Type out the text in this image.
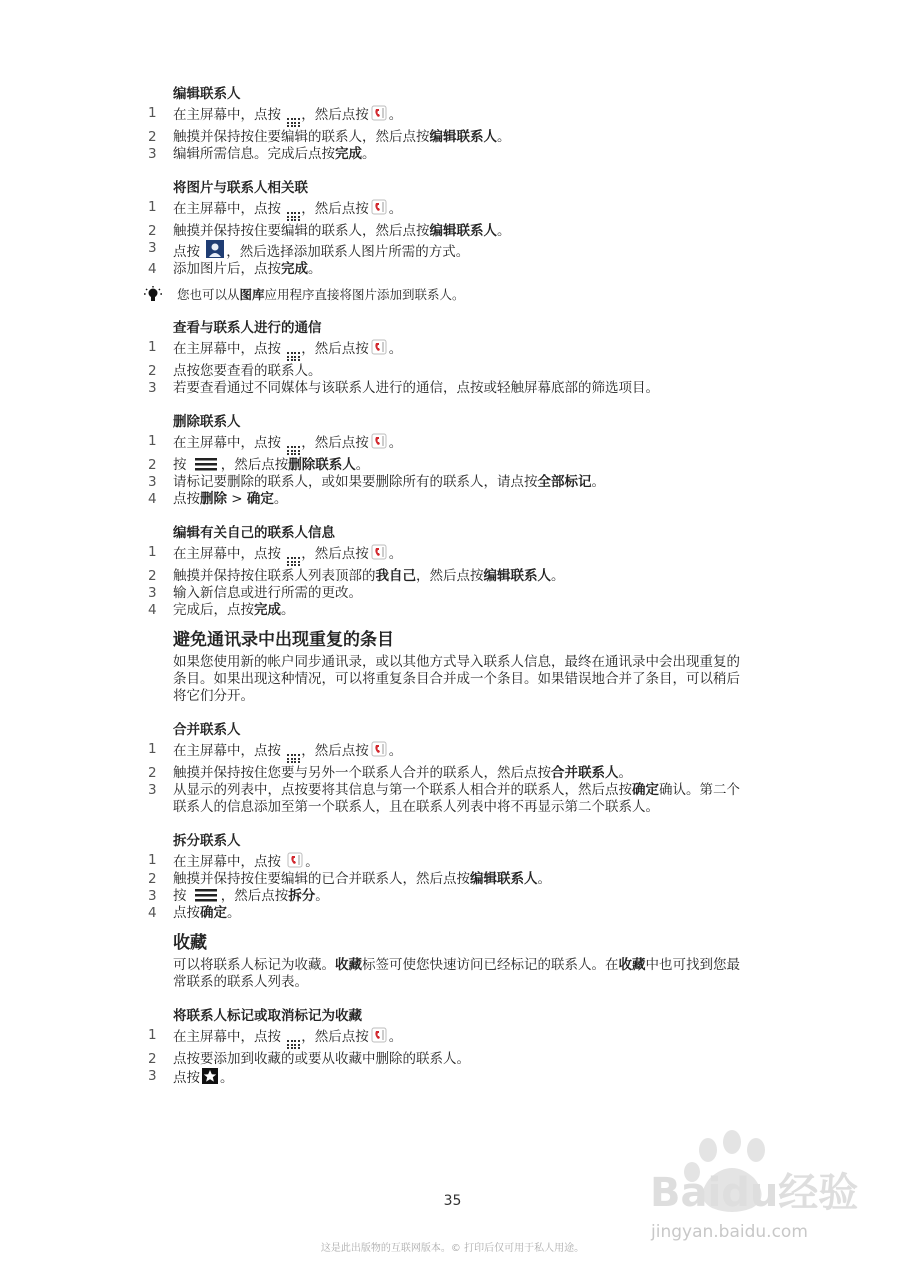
编辑联系人
1 在主屏幕中，点按
，然后点按 。
2 触摸并保持按住要编辑的联系人，然后点按编辑联系人。
3 编辑所需信息。完成后点按完成。
将图片与联系人相关联
1 在主屏幕中，点按
，然后点按 。
2 触摸并保持按住要编辑的联系人，然后点按编辑联系人。
3 点按 ，然后选择添加联系人图片所需的方式。
4 添加图片后，点按完成。
您也可以从图库应用程序直接将图片添加到联系人。
查看与联系人进行的通信
1 在主屏幕中，点按
，然后点按 。
2 点按您要查看的联系人。
3 若要查看通过不同媒体与该联系人进行的通信，点按或轻触屏幕底部的筛选项目。
删除联系人
1 在主屏幕中，点按
，然后点按 。
2 按 ，然后点按删除联系人。
3 请标记要删除的联系人，或如果要删除所有的联系人，请点按全部标记。
4 点按删除 > 确定。
编辑有关自己的联系人信息
1 在主屏幕中，点按
，然后点按 。
2 触摸并保持按住联系人列表顶部的我自己，然后点按编辑联系人。
3 输入新信息或进行所需的更改。
4 完成后，点按完成。
避免通讯录中出现重复的条目
如果您使用新的帐户同步通讯录，或以其他方式导入联系人信息，最终在通讯录中会出现重复的条目。如果出现这种情况，可以将重复条目合并成一个条目。如果错误地合并了条目，可以稍后将它们分开。
合并联系人
1 在主屏幕中，点按
，然后点按 。
2 触摸并保持按住您要与另外一个联系人合并的联系人，然后点按合并联系人。
3 从显示的列表中，点按要将其信息与第一个联系人相合并的联系人，然后点按确定确认。第二个联系人的信息添加至第一个联系人，且在联系人列表中将不再显示第二个联系人。
拆分联系人
1 在主屏幕中，点按 。
2 触摸并保持按住要编辑的已合并联系人，然后点按编辑联系人。
3 按 ，然后点按拆分。
4 点按确定。
收藏
可以将联系人标记为收藏。收藏标签可使您快速访问已经标记的联系人。在收藏中也可找到您最常联系的联系人列表。
将联系人标记或取消标记为收藏
1 在主屏幕中，点按
，然后点按 。
2 点按要添加到收藏的或要从收藏中删除的联系人。
3 点按 。
35
这是此出版物的互联网版本。© 打印后仅可用于私人用途。
Baidu经验
jingyan.baidu.com
